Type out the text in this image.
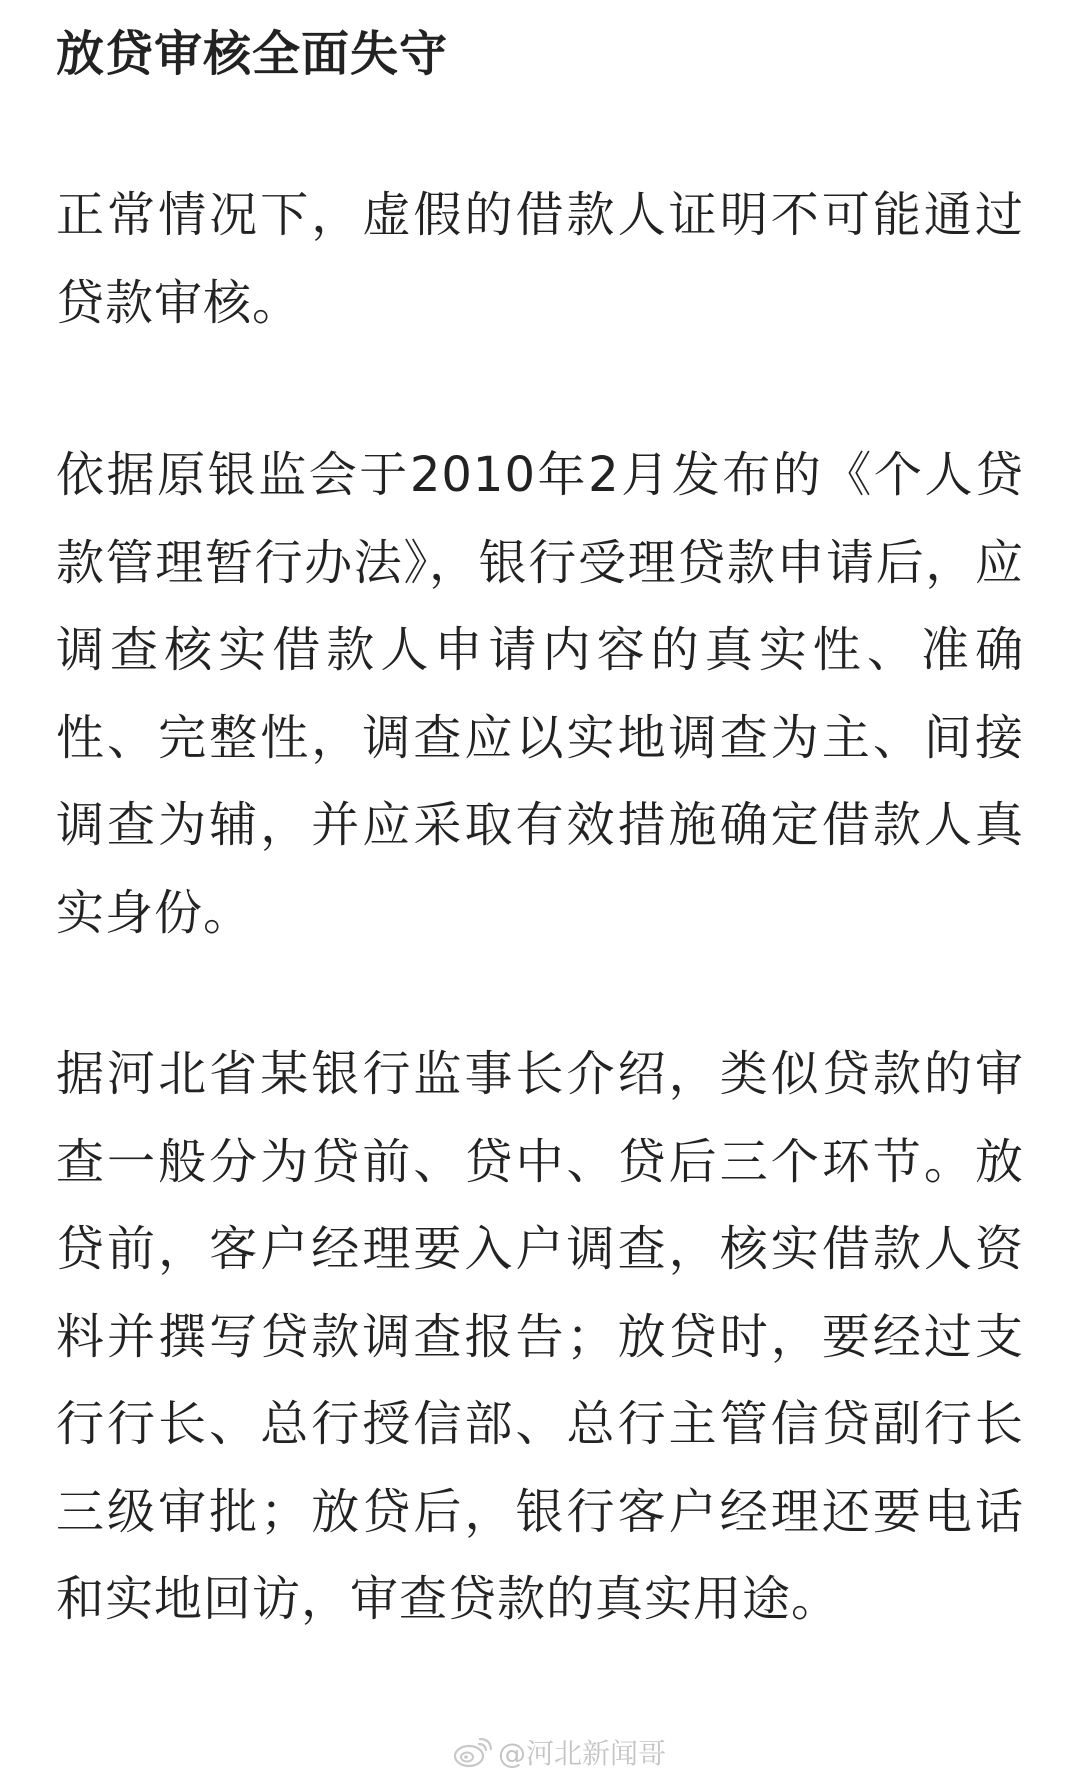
放贷审核全面失守

正常情况下，虚假的借款人证明不可能通过贷款审核。

依据原银监会于2010年2月发布的《个人贷款管理暂行办法》，银行受理贷款申请后，应调查核实借款人申请内容的真实性、准确性、完整性，调查应以实地调查为主、间接调查为辅，并应采取有效措施确定借款人真实身份。

据河北省某银行监事长介绍，类似贷款的审查一般分为贷前、贷中、贷后三个环节。放贷前，客户经理要入户调查，核实借款人资料并撰写贷款调查报告；放贷时，要经过支行行长、总行授信部、总行主管信贷副行长三级审批；放贷后，银行客户经理还要电话和实地回访，审查贷款的真实用途。

@河北新闻哥
